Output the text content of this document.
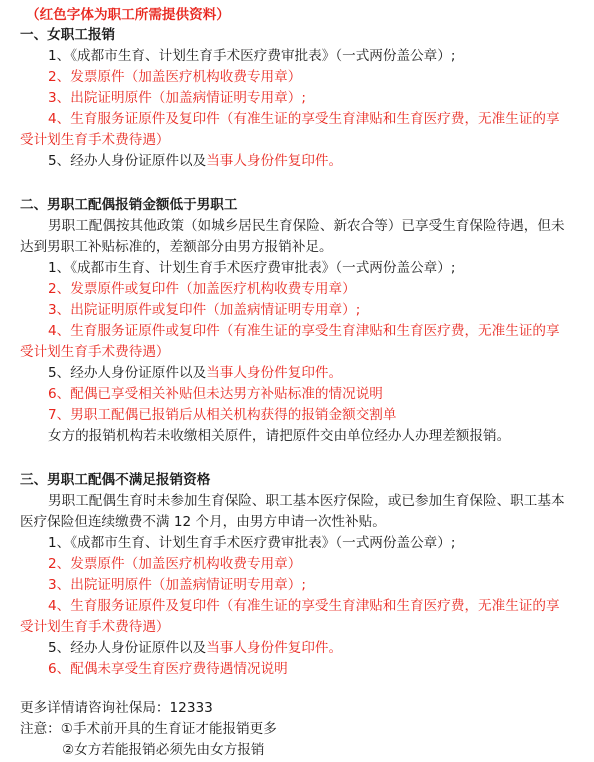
（红色字体为职工所需提供资料）
一、女职工报销
1、《成都市生育、计划生育手术医疗费审批表》（一式两份盖公章）;
2、发票原件（加盖医疗机构收费专用章）
3、出院证明原件（加盖病情证明专用章）;
4、生育服务证原件及复印件（有准生证的享受生育津贴和生育医疗费，无准生证的享
受计划生育手术费待遇）
5、经办人身份证原件以及当事人身份件复印件。
二、男职工配偶报销金额低于男职工
男职工配偶按其他政策（如城乡居民生育保险、新农合等）已享受生育保险待遇，但未
达到男职工补贴标准的，差额部分由男方报销补足。
1、《成都市生育、计划生育手术医疗费审批表》（一式两份盖公章）;
2、发票原件或复印件（加盖医疗机构收费专用章）
3、出院证明原件或复印件（加盖病情证明专用章）;
4、生育服务证原件或复印件（有准生证的享受生育津贴和生育医疗费，无准生证的享
受计划生育手术费待遇）
5、经办人身份证原件以及当事人身份件复印件。
6、配偶已享受相关补贴但未达男方补贴标准的情况说明
7、男职工配偶已报销后从相关机构获得的报销金额交割单
女方的报销机构若未收缴相关原件，请把原件交由单位经办人办理差额报销。
三、男职工配偶不满足报销资格
男职工配偶生育时未参加生育保险、职工基本医疗保险，或已参加生育保险、职工基本
医疗保险但连续缴费不满 12 个月，由男方申请一次性补贴。
1、《成都市生育、计划生育手术医疗费审批表》（一式两份盖公章）;
2、发票原件（加盖医疗机构收费专用章）
3、出院证明原件（加盖病情证明专用章）;
4、生育服务证原件及复印件（有准生证的享受生育津贴和生育医疗费，无准生证的享
受计划生育手术费待遇）
5、经办人身份证原件以及当事人身份件复印件。
6、配偶未享受生育医疗费待遇情况说明
更多详情请咨询社保局：12333
注意：①手术前开具的生育证才能报销更多
②女方若能报销必须先由女方报销
